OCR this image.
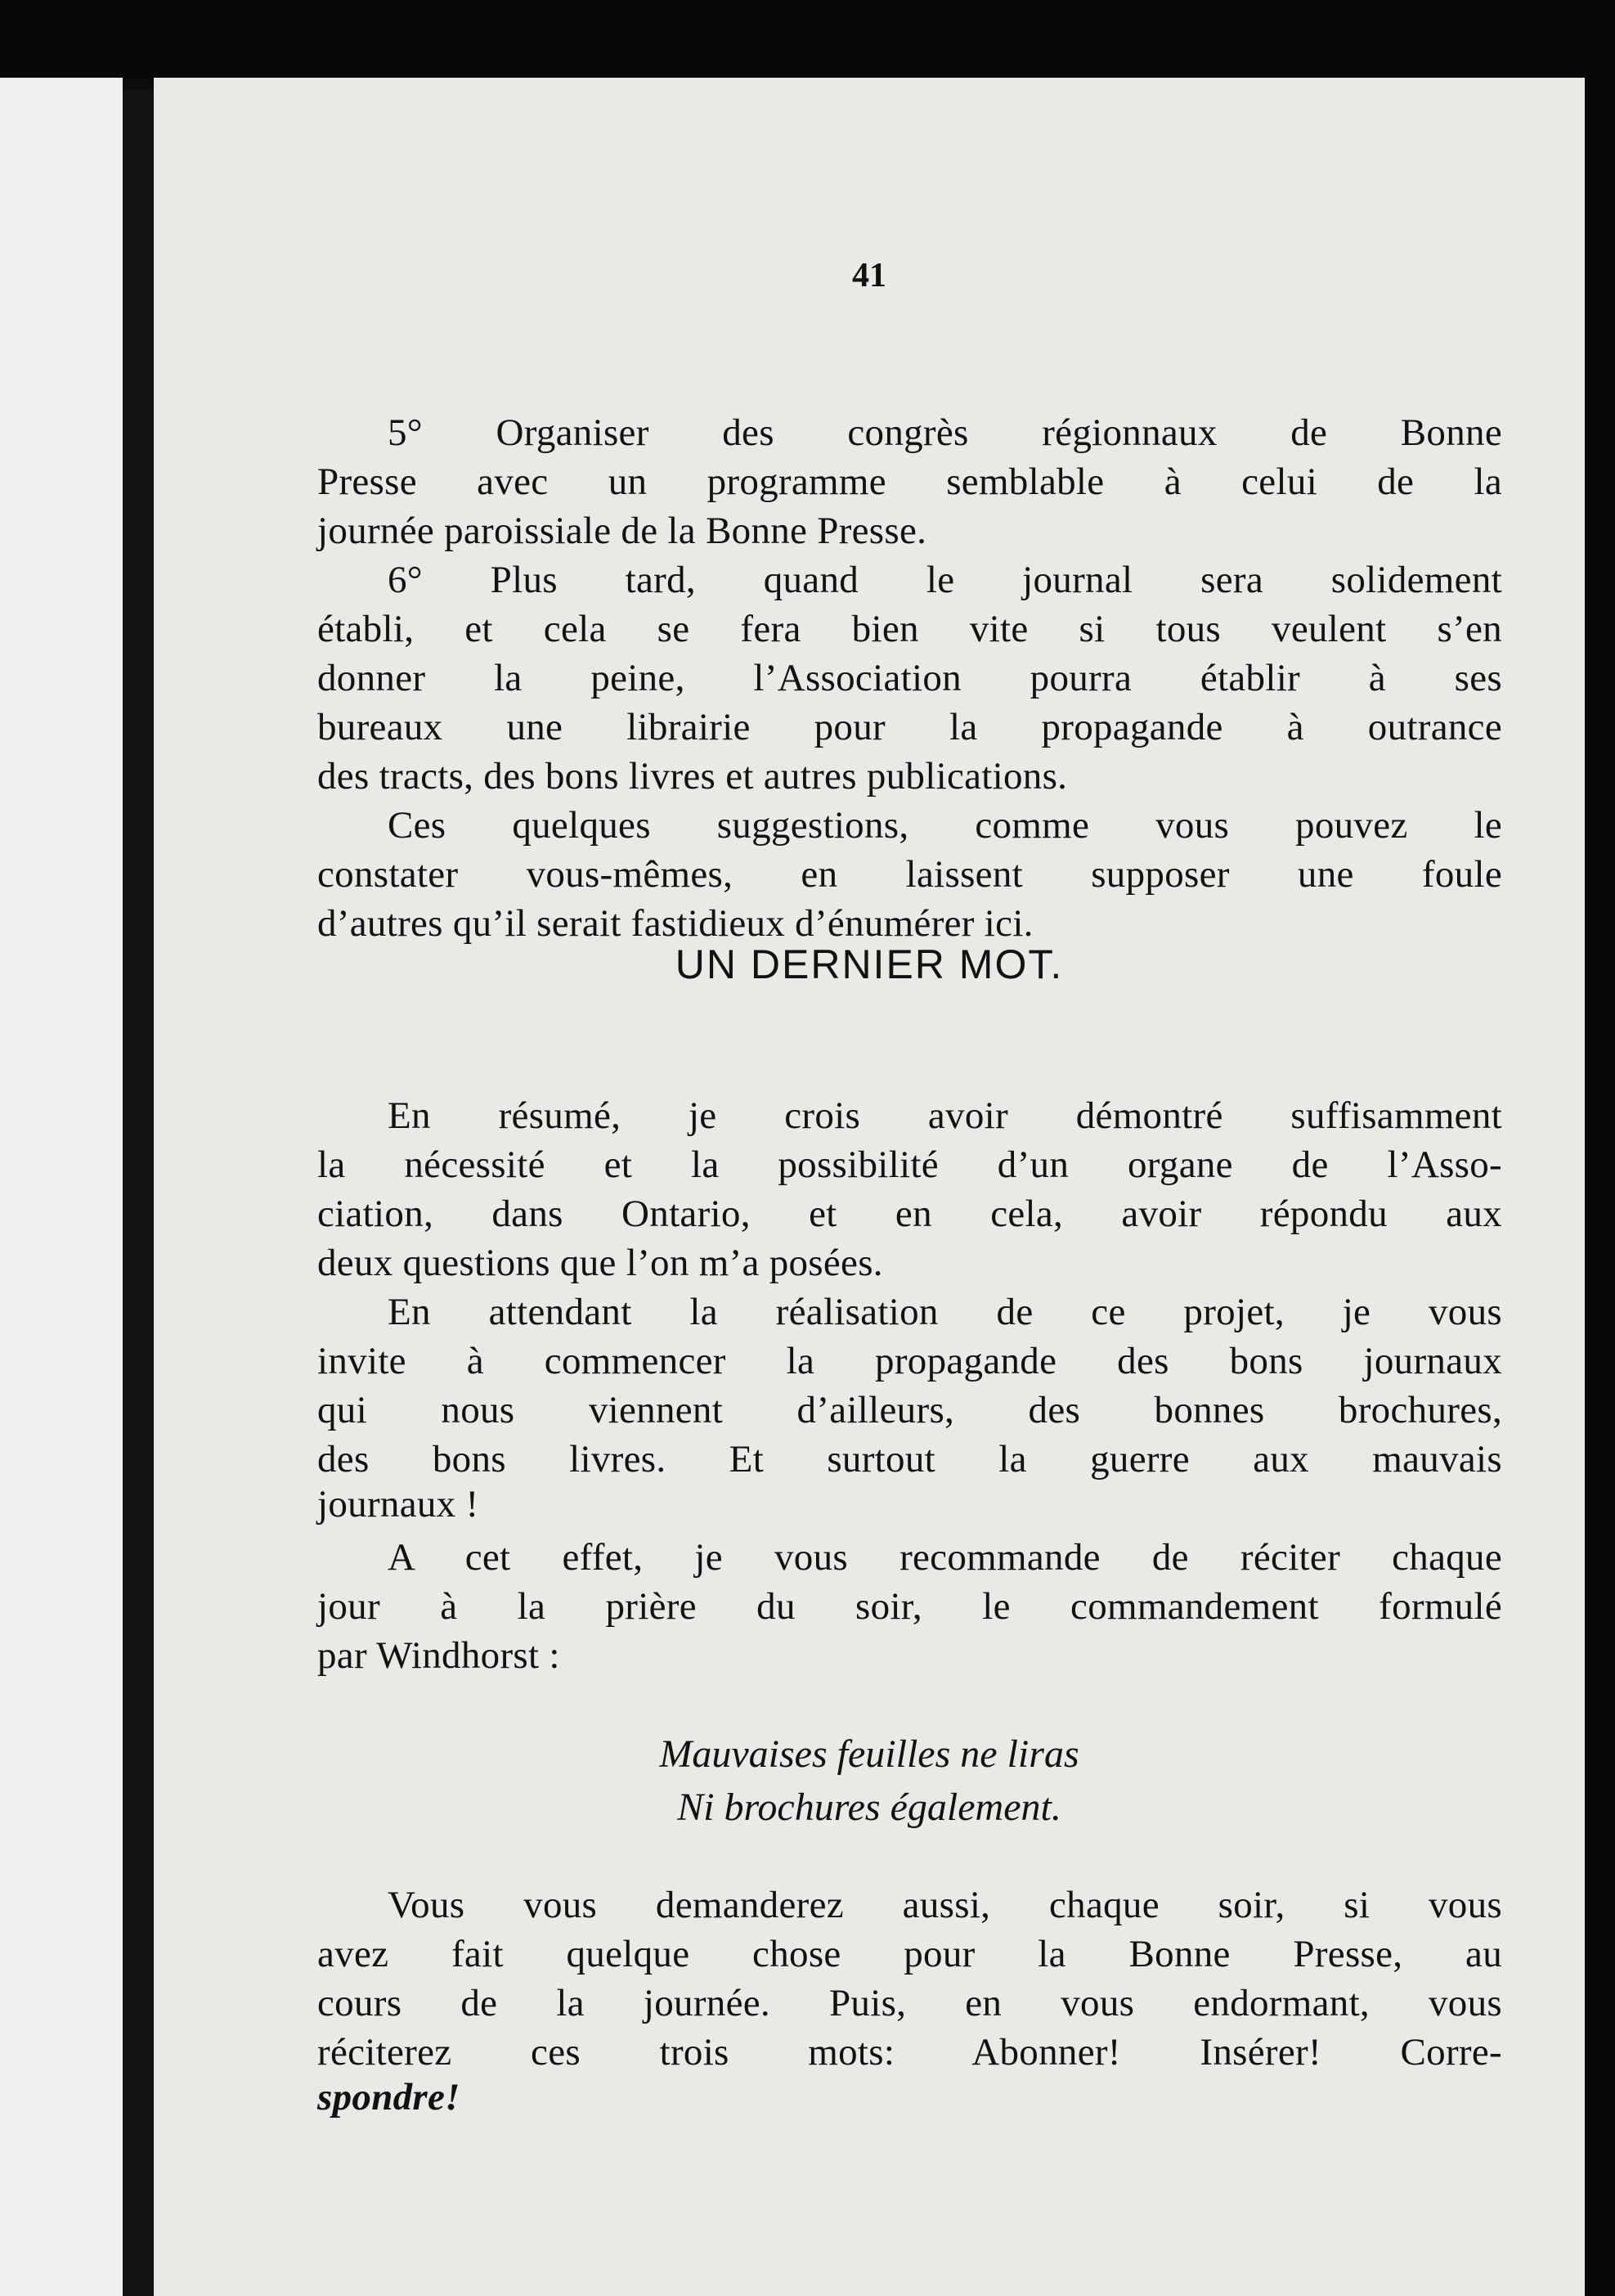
41

5° Organiser des congrès régionnaux de Bonne

Presse avec un programme semblable à celui de la

journée paroissiale de la Bonne Presse.

6° Plus tard, quand le journal sera solidement

établi, et cela se fera bien vite si tous veulent s’en

donner la peine, l’Association pourra établir à ses

bureaux une librairie pour la propagande à outrance

des tracts, des bons livres et autres publications.

Ces quelques suggestions, comme vous pouvez le

constater vous-mêmes, en laissent supposer une foule

d’autres qu’il serait fastidieux d’énumérer ici.

UN DERNIER MOT.

En résumé, je crois avoir démontré suffisamment

la nécessité et la possibilité d’un organe de l’Asso-

ciation, dans Ontario, et en cela, avoir répondu aux

deux questions que l’on m’a posées.

En attendant la réalisation de ce projet, je vous

invite à commencer la propagande des bons journaux

qui nous viennent d’ailleurs, des bonnes brochures,

des bons livres. Et surtout la guerre aux mauvais

journaux !

A cet effet, je vous recommande de réciter chaque

jour à la prière du soir, le commandement formulé

par Windhorst :

Mauvaises feuilles ne liras

Ni brochures également.

Vous vous demanderez aussi, chaque soir, si vous

avez fait quelque chose pour la Bonne Presse, au

cours de la journée. Puis, en vous endormant, vous

réciterez ces trois mots: Abonner! Insérer! Corre-

spondre!
